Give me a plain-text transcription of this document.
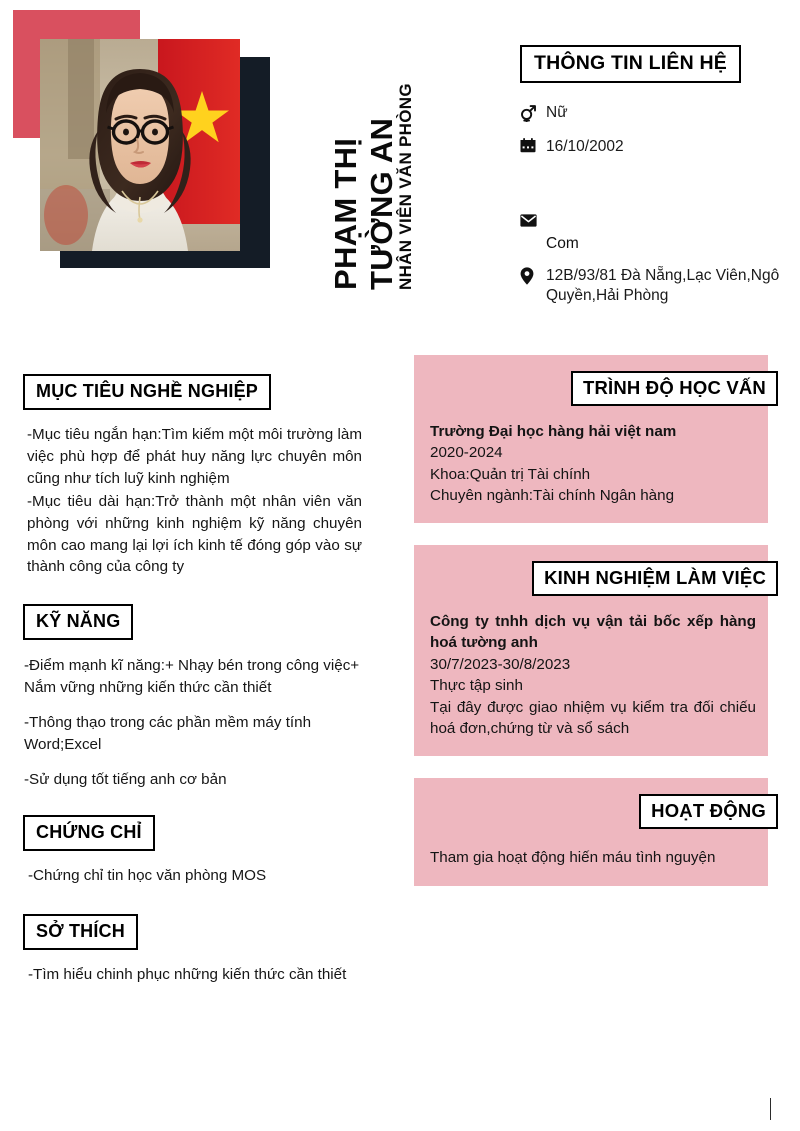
PHẠM THỊ TƯỜNG AN
NHÂN VIÊN VĂN PHÒNG
THÔNG TIN LIÊN HỆ
Nữ
16/10/2002
Com
12B/93/81 Đà Nẵng,Lạc Viên,Ngô Quyền,Hải Phòng
MỤC TIÊU NGHỀ NGHIỆP

-Mục tiêu ngắn hạn:Tìm kiếm một môi trường làm việc phù hợp để phát huy năng lực chuyên môn cũng như tích luỹ kinh nghiệm

-Mục tiêu dài hạn:Trở thành một nhân viên văn phòng với những kinh nghiệm kỹ năng chuyên môn cao mang lại lợi ích kinh tế đóng góp vào sự thành công của công ty

KỸ NĂNG

-Điểm mạnh kĩ năng:+ Nhạy bén trong công việc+ Nắm vững những kiến thức cần thiết

-Thông thạo trong các phần mềm máy tính Word;Excel

-Sử dụng tốt tiếng anh cơ bản

CHỨNG CHỈ

-Chứng chỉ tin học văn phòng MOS

SỞ THÍCH

-Tìm hiểu chinh phục những kiến thức cần thiết

TRÌNH ĐỘ HỌC VẤN
Trường Đại học hàng hải việt nam
2020-2024
Khoa:Quản trị Tài chính
Chuyên ngành:Tài chính Ngân hàng
KINH NGHIỆM LÀM VIỆC
Công ty tnhh dịch vụ vận tải bốc xếp hàng hoá tường anh
30/7/2023-30/8/2023
Thực tập sinh
Tại đây được giao nhiệm vụ kiểm tra đối chiếu hoá đơn,chứng từ và sổ sách
HOẠT ĐỘNG
Tham gia hoạt động hiến máu tình nguyện
